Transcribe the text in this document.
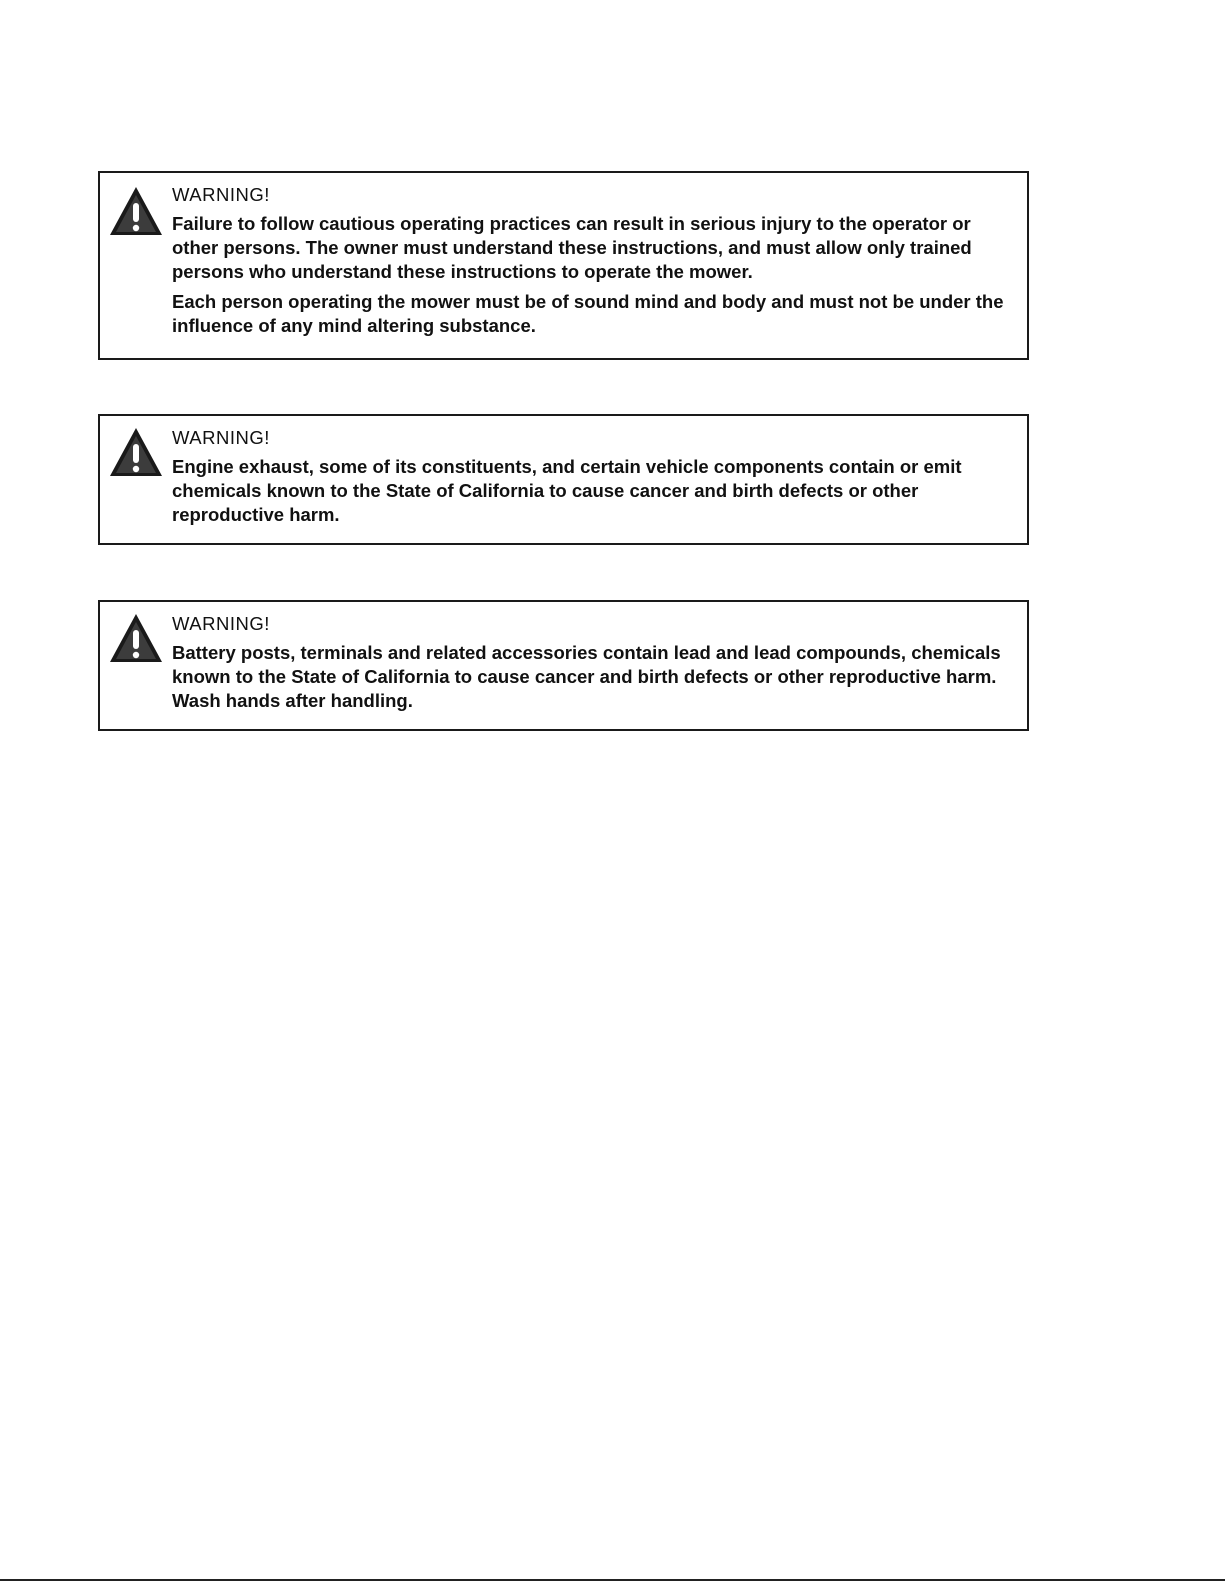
WARNING!

Failure to follow cautious operating practices can result in serious injury to the operator or other persons. The owner must understand these instructions, and must allow only trained persons who understand these instructions to operate the mower.

Each person operating the mower must be of sound mind and body and must not be under the influence of any mind altering substance.

WARNING!

Engine exhaust, some of its constituents, and certain vehicle components contain or emit chemicals known to the State of California to cause cancer and birth defects or other reproductive harm.

WARNING!

Battery posts, terminals and related accessories contain lead and lead compounds, chemicals known to the State of California to cause cancer and birth defects or other reproductive harm. Wash hands after handling.
